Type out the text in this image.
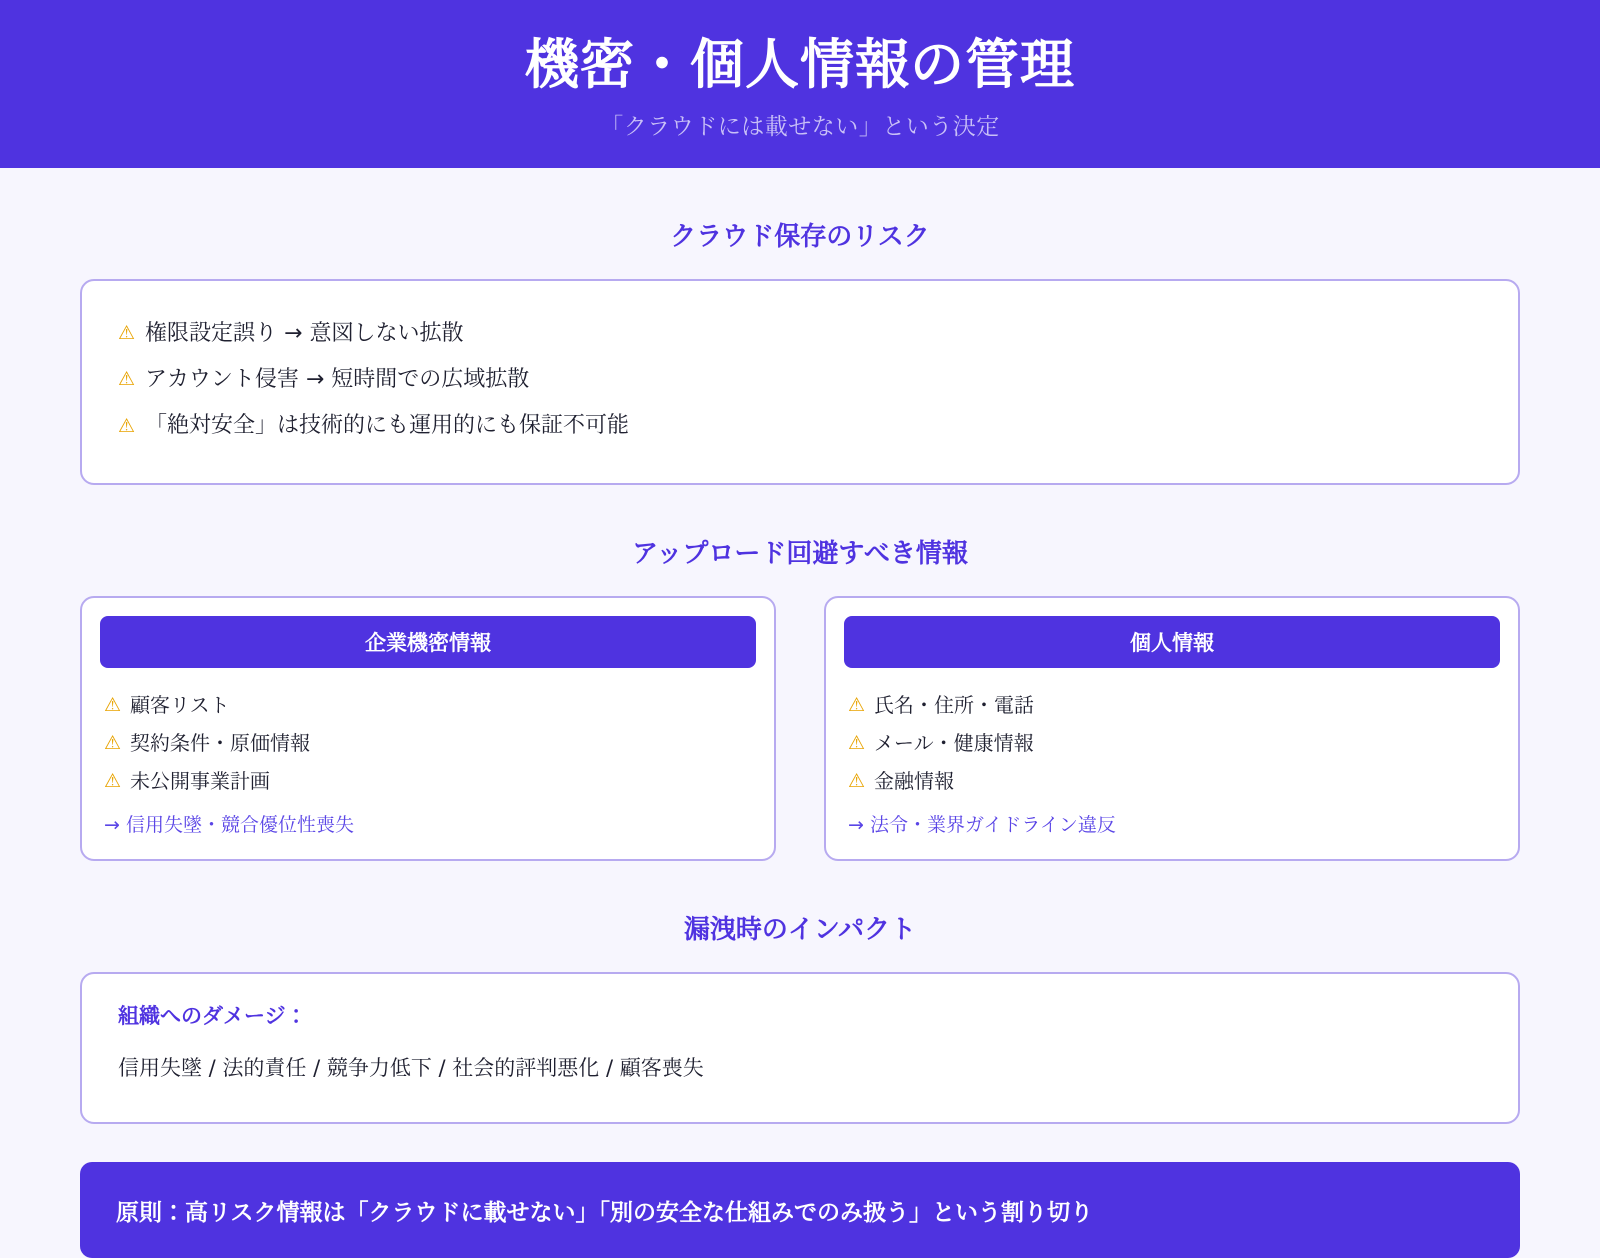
機密・個人情報の管理
「クラウドには載せない」という決定
クラウド保存のリスク
⚠ 権限設定誤り → 意図しない拡散
⚠ アカウント侵害 → 短時間での広域拡散
⚠ 「絶対安全」は技術的にも運用的にも保証不可能
アップロード回避すべき情報
企業機密情報
⚠ 顧客リスト
⚠ 契約条件・原価情報
⚠ 未公開事業計画
→ 信用失墜・競合優位性喪失
個人情報
⚠ 氏名・住所・電話
⚠ メール・健康情報
⚠ 金融情報
→ 法令・業界ガイドライン違反
漏洩時のインパクト
組織へのダメージ：
信用失墜 / 法的責任 / 競争力低下 / 社会的評判悪化 / 顧客喪失
原則：高リスク情報は「クラウドに載せない」「別の安全な仕組みでのみ扱う」という割り切り
